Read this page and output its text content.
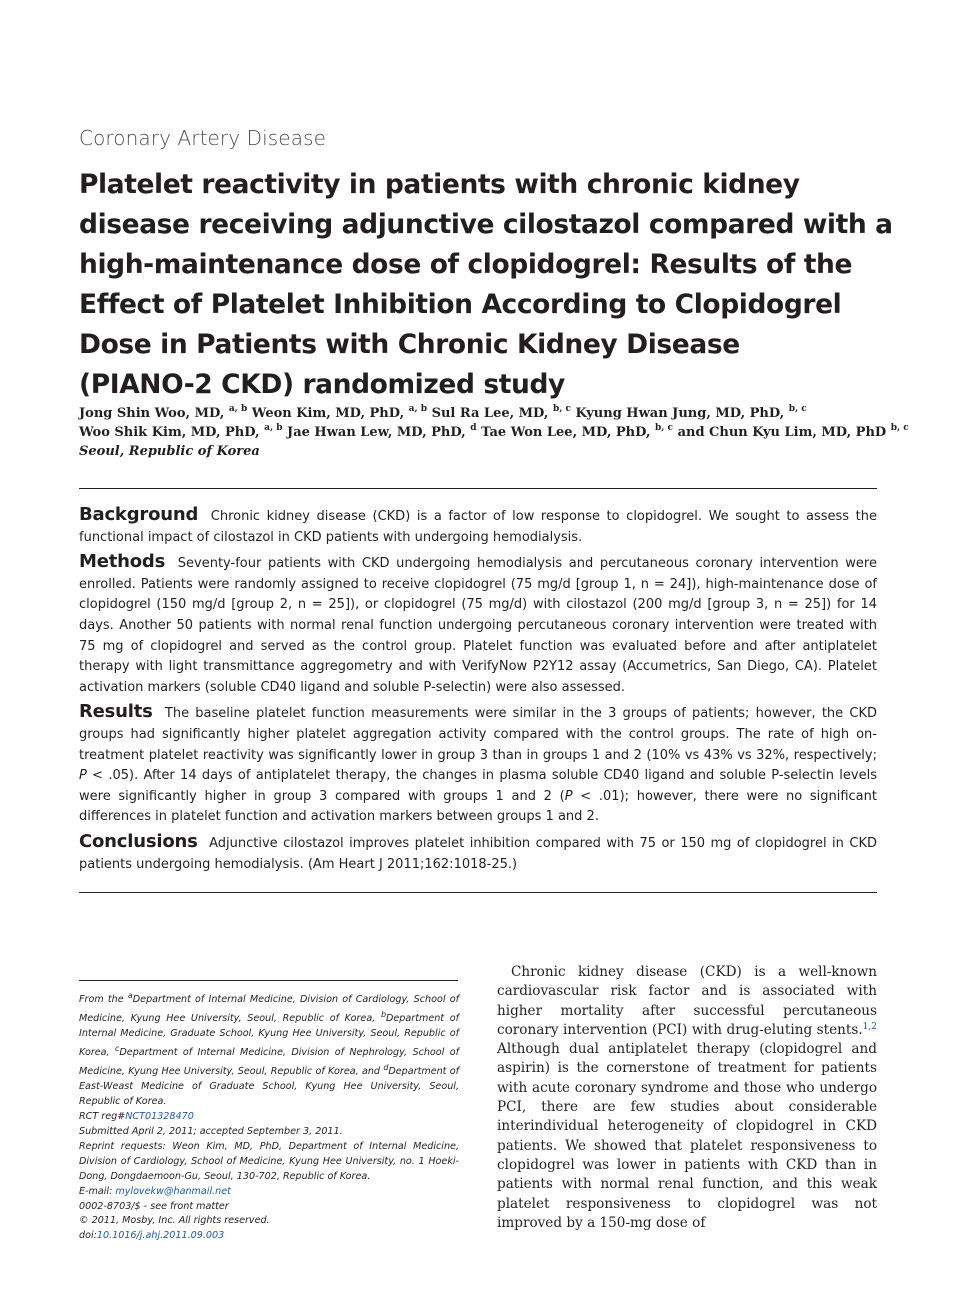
Coronary Artery Disease
Platelet reactivity in patients with chronic kidney
disease receiving adjunctive cilostazol compared with a
high-maintenance dose of clopidogrel: Results of the
Effect of Platelet Inhibition According to Clopidogrel
Dose in Patients with Chronic Kidney Disease
(PIANO-2 CKD) randomized study
Jong Shin Woo, MD, $^{a, b}$ Weon Kim, MD, PhD, $^{a, b}$ Sul Ra Lee, MD, $^{b, c}$ Kyung Hwan Jung, MD, PhD, $^{b, c}$
Woo Shik Kim, MD, PhD, $^{a, b}$ Jae Hwan Lew, MD, PhD, $^d$ Tae Won Lee, MD, PhD, $^{b, c}$ and Chun Kyu Lim, MD, PhD $^{b, c}$
Seoul, Republic of Korea

Background Chronic kidney disease (CKD) is a factor of low response to clopidogrel. We sought to assess the functional impact of cilostazol in CKD patients with undergoing hemodialysis.

Methods Seventy-four patients with CKD undergoing hemodialysis and percutaneous coronary intervention were enrolled. Patients were randomly assigned to receive clopidogrel (75 mg/d [group 1, n = 24]), high-maintenance dose of clopidogrel (150 mg/d [group 2, n = 25]), or clopidogrel (75 mg/d) with cilostazol (200 mg/d [group 3, n = 25]) for 14 days. Another 50 patients with normal renal function undergoing percutaneous coronary intervention were treated with 75 mg of clopidogrel and served as the control group. Platelet function was evaluated before and after antiplatelet therapy with light transmittance aggregometry and with VerifyNow P2Y12 assay (Accumetrics, San Diego, CA). Platelet activation markers (soluble CD40 ligand and soluble P-selectin) were also assessed.

Results The baseline platelet function measurements were similar in the 3 groups of patients; however, the CKD groups had significantly higher platelet aggregation activity compared with the control groups. The rate of high on-treatment platelet reactivity was significantly lower in group 3 than in groups 1 and 2 (10% vs 43% vs 32%, respectively; P < .05). After 14 days of antiplatelet therapy, the changes in plasma soluble CD40 ligand and soluble P-selectin levels were significantly higher in group 3 compared with groups 1 and 2 (P < .01); however, there were no significant differences in platelet function and activation markers between groups 1 and 2.

Conclusions Adjunctive cilostazol improves platelet inhibition compared with 75 or 150 mg of clopidogrel in CKD patients undergoing hemodialysis. (Am Heart J 2011;162:1018-25.)

From the $^a$Department of Internal Medicine, Division of Cardiology, School of Medicine, Kyung Hee University, Seoul, Republic of Korea, $^b$Department of Internal Medicine, Graduate School, Kyung Hee University, Seoul, Republic of Korea, $^c$Department of Internal Medicine, Division of Nephrology, School of Medicine, Kyung Hee University, Seoul, Republic of Korea, and $^d$Department of East-Weast Medicine of Graduate School, Kyung Hee University, Seoul, Republic of Korea.

RCT reg#NCT01328470

Submitted April 2, 2011; accepted September 3, 2011.

Reprint requests: Weon Kim, MD, PhD, Department of Internal Medicine, Division of Cardiology, School of Medicine, Kyung Hee University, no. 1 Hoeki-Dong, Dongdaemoon-Gu, Seoul, 130-702, Republic of Korea.

E-mail: mylovekw@hanmail.net

0002-8703/$ - see front matter

© 2011, Mosby, Inc. All rights reserved.

doi:10.1016/j.ahj.2011.09.003

Chronic kidney disease (CKD) is a well-known cardiovascular risk factor and is associated with higher mortality after successful percutaneous coronary intervention (PCI) with drug-eluting stents.$^{1,2}$ Although dual antiplatelet therapy (clopidogrel and aspirin) is the cornerstone of treatment for patients with acute coronary syndrome and those who undergo PCI, there are few studies about considerable interindividual heterogeneity of clopidogrel in CKD patients. We showed that platelet responsiveness to clopidogrel was lower in patients with CKD than in patients with normal renal function, and this weak platelet responsiveness to clopidogrel was not improved by a 150-mg dose of
